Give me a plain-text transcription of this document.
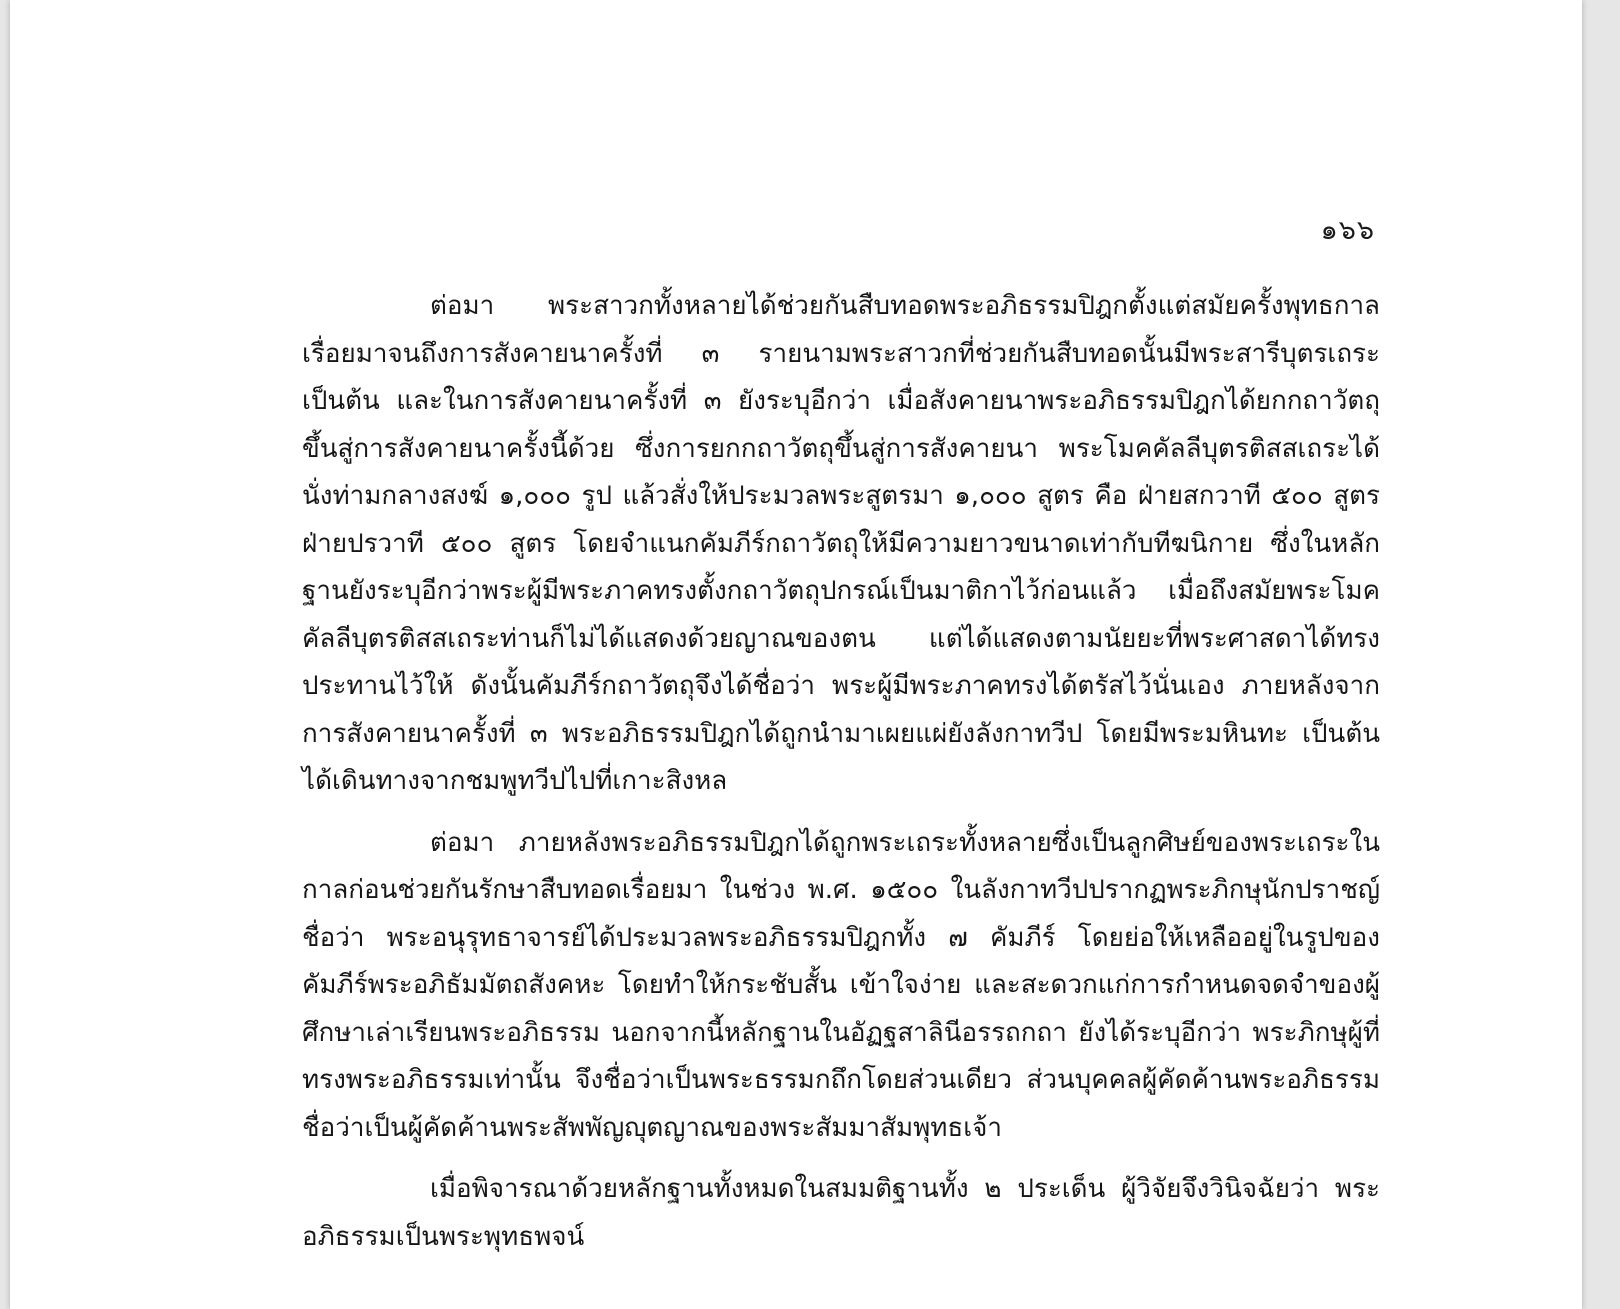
๑๖๖

ต่อมา พระสาวกทั้งหลายได้ช่วยกันสืบทอดพระอภิธรรมปิฎกตั้งแต่สมัยครั้งพุทธกาลเรื่อยมาจนถึงการสังคายนาครั้งที่ ๓ รายนามพระสาวกที่ช่วยกันสืบทอดนั้นมีพระสารีบุตรเถระ เป็นต้น และในการสังคายนาครั้งที่ ๓ ยังระบุอีกว่า เมื่อสังคายนาพระอภิธรรมปิฎกได้ยกกถาวัตถุขึ้นสู่การสังคายนาครั้งนี้ด้วย ซึ่งการยกกถาวัตถุขึ้นสู่การสังคายนา พระโมคคัลลีบุตรติสสเถระได้นั่งท่ามกลางสงฆ์ ๑,๐๐๐ รูป แล้วสั่งให้ประมวลพระสูตรมา ๑,๐๐๐ สูตร คือ ฝ่ายสกวาที ๕๐๐ สูตร ฝ่ายปรวาที ๕๐๐ สูตร โดยจำแนกคัมภีร์กถาวัตถุให้มีความยาวขนาดเท่ากับทีฆนิกาย ซึ่งในหลักฐานยังระบุอีกว่าพระผู้มีพระภาคทรงตั้งกถาวัตถุปกรณ์เป็นมาติกาไว้ก่อนแล้ว เมื่อถึงสมัยพระโมคคัลลีบุตรติสสเถระท่านก็ไม่ได้แสดงด้วยญาณของตน แต่ได้แสดงตามนัยยะที่พระศาสดาได้ทรงประทานไว้ให้ ดังนั้นคัมภีร์กถาวัตถุจึงได้ชื่อว่า พระผู้มีพระภาคทรงได้ตรัสไว้นั่นเอง ภายหลังจากการสังคายนาครั้งที่ ๓ พระอภิธรรมปิฎกได้ถูกนำมาเผยแผ่ยังลังกาทวีป โดยมีพระมหินทะ เป็นต้น ได้เดินทางจากชมพูทวีปไปที่เกาะสิงหล

ต่อมา ภายหลังพระอภิธรรมปิฎกได้ถูกพระเถระทั้งหลายซึ่งเป็นลูกศิษย์ของพระเถระในกาลก่อนช่วยกันรักษาสืบทอดเรื่อยมา ในช่วง พ.ศ. ๑๕๐๐ ในลังกาทวีปปรากฏพระภิกษุนักปราชญ์ชื่อว่า พระอนุรุทธาจารย์ได้ประมวลพระอภิธรรมปิฎกทั้ง ๗ คัมภีร์ โดยย่อให้เหลืออยู่ในรูปของคัมภีร์พระอภิธัมมัตถสังคหะ โดยทำให้กระชับสั้น เข้าใจง่าย และสะดวกแก่การกำหนดจดจำของผู้ศึกษาเล่าเรียนพระอภิธรรม นอกจากนี้หลักฐานในอัฏฐสาลินีอรรถกถา ยังได้ระบุอีกว่า พระภิกษุผู้ที่ทรงพระอภิธรรมเท่านั้น จึงชื่อว่าเป็นพระธรรมกถึกโดยส่วนเดียว ส่วนบุคคลผู้คัดค้านพระอภิธรรม ชื่อว่าเป็นผู้คัดค้านพระสัพพัญญุตญาณของพระสัมมาสัมพุทธเจ้า

เมื่อพิจารณาด้วยหลักฐานทั้งหมดในสมมติฐานทั้ง ๒ ประเด็น ผู้วิจัยจึงวินิจฉัยว่า พระอภิธรรมเป็นพระพุทธพจน์
